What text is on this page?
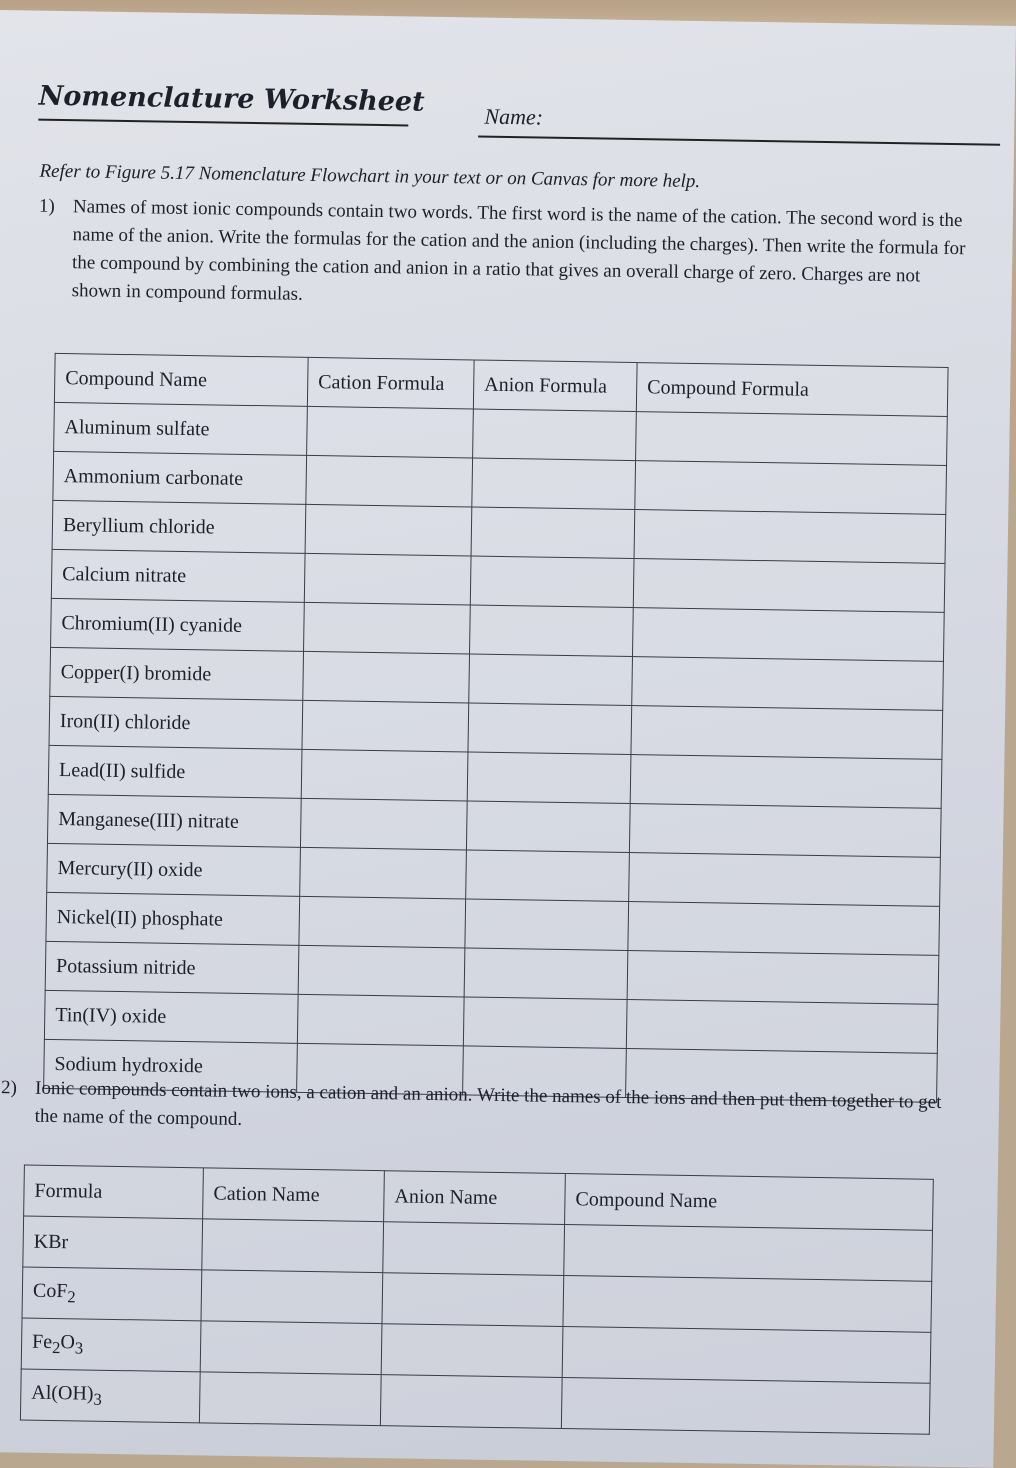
Nomenclature Worksheet	Name:
Refer to Figure 5.17 Nomenclature Flowchart in your text or on Canvas for more help.
1) Names of most ionic compounds contain two words. The first word is the name of the cation. The second word is the name of the anion. Write the formulas for the cation and the anion (including the charges). Then write the formula for the compound by combining the cation and anion in a ratio that gives an overall charge of zero. Charges are not shown in compound formulas.
Compound Name	Cation Formula	Anion Formula	Compound Formula
Aluminum sulfate			
Ammonium carbonate			
Beryllium chloride			
Calcium nitrate			
Chromium(II) cyanide			
Copper(I) bromide			
Iron(II) chloride			
Lead(II) sulfide			
Manganese(III) nitrate			
Mercury(II) oxide			
Nickel(II) phosphate			
Potassium nitride			
Tin(IV) oxide			
Sodium hydroxide			
2) Ionic compounds contain two ions, a cation and an anion. Write the names of the ions and then put them together to get the name of the compound.
Formula	Cation Name	Anion Name	Compound Name
KBr			
CoF$_2$			
$Fe_2O_3$			
$Al(OH)_3$			
